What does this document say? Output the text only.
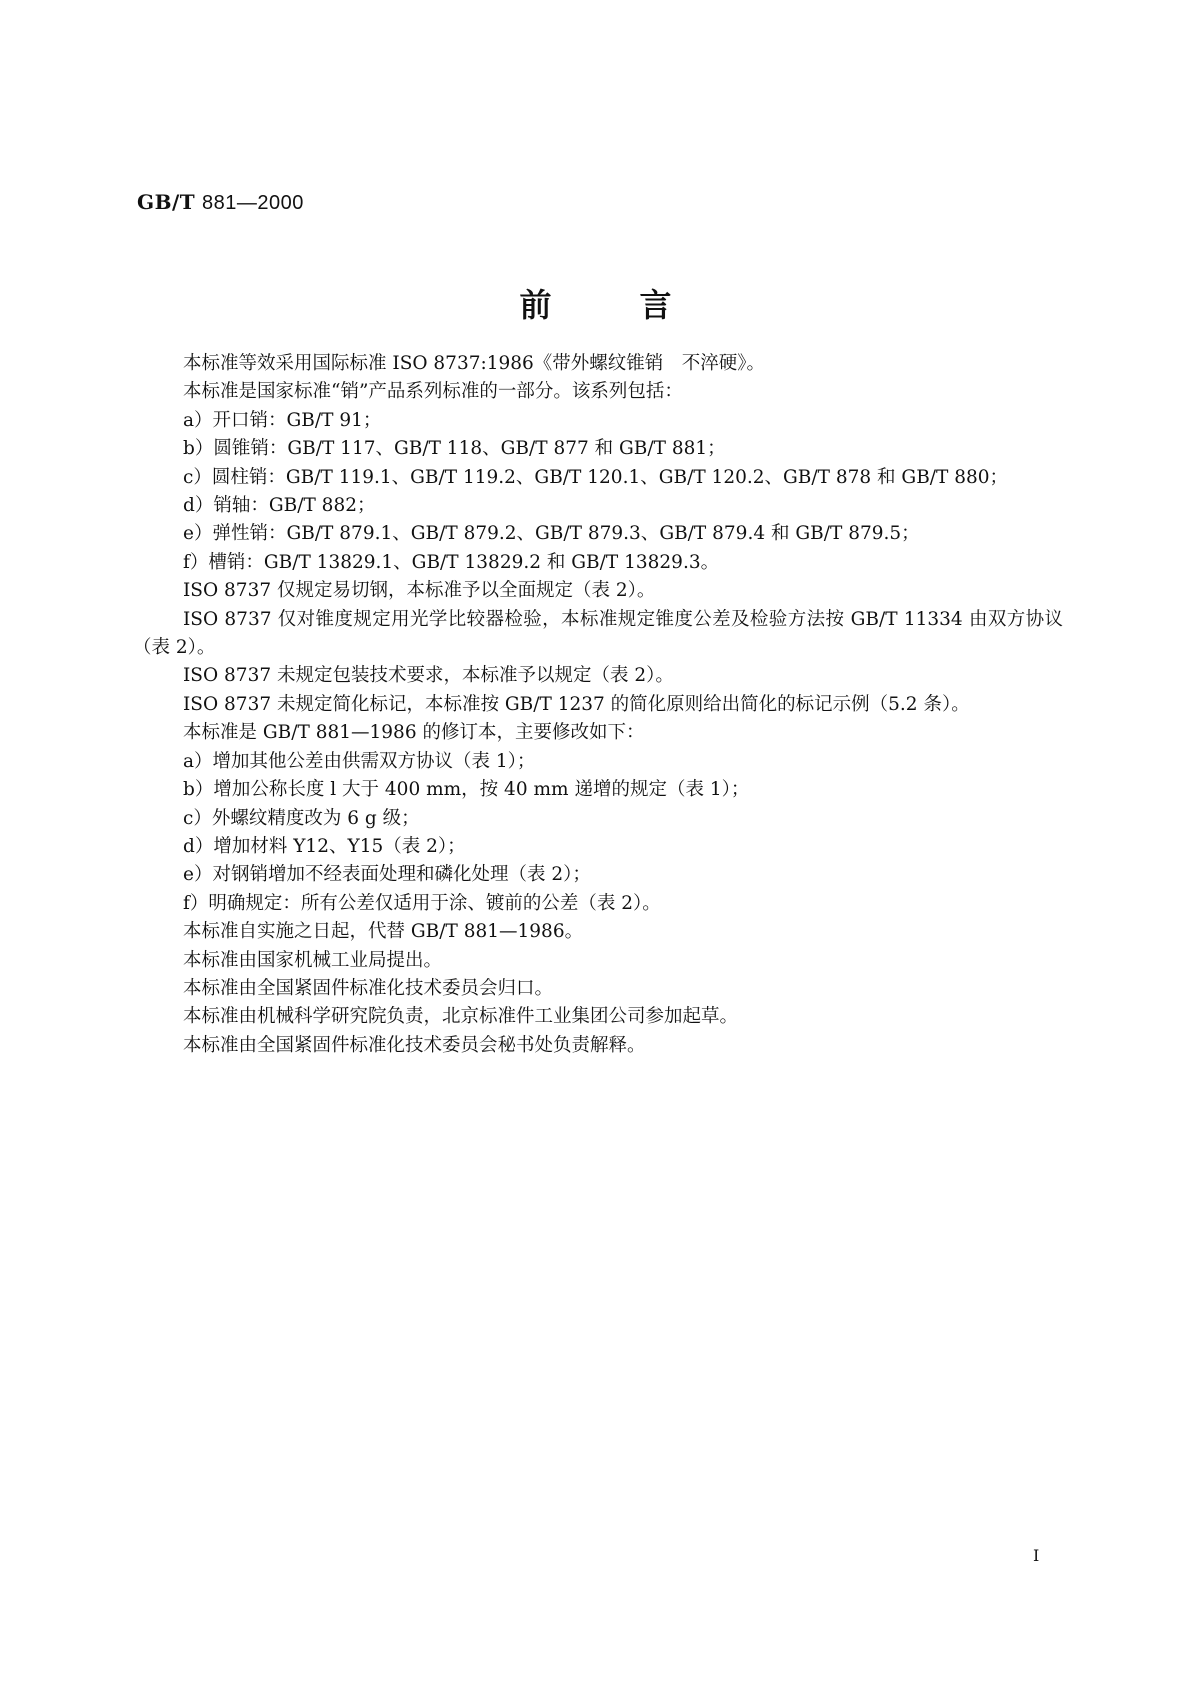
GB/T 881—2000
前言

本标准等效采用国际标准 ISO 8737:1986《带外螺纹锥销　不淬硬》。

本标准是国家标准“销”产品系列标准的一部分。该系列包括：

a）开口销：GB/T 91；

b）圆锥销：GB/T 117、GB/T 118、GB/T 877 和 GB/T 881；

c）圆柱销：GB/T 119.1、GB/T 119.2、GB/T 120.1、GB/T 120.2、GB/T 878 和 GB/T 880；

d）销轴：GB/T 882；

e）弹性销：GB/T 879.1、GB/T 879.2、GB/T 879.3、GB/T 879.4 和 GB/T 879.5；

f）槽销：GB/T 13829.1、GB/T 13829.2 和 GB/T 13829.3。

ISO 8737 仅规定易切钢，本标准予以全面规定（表 2）。

ISO 8737 仅对锥度规定用光学比较器检验，本标准规定锥度公差及检验方法按 GB/T 11334 由双方协议（表 2）。

ISO 8737 未规定包装技术要求，本标准予以规定（表 2）。

ISO 8737 未规定简化标记，本标准按 GB/T 1237 的简化原则给出简化的标记示例（5.2 条）。

本标准是 GB/T 881—1986 的修订本，主要修改如下：

a）增加其他公差由供需双方协议（表 1）；

b）增加公称长度 l 大于 400 mm，按 40 mm 递增的规定（表 1）；

c）外螺纹精度改为 6 g 级；

d）增加材料 Y12、Y15（表 2）；

e）对钢销增加不经表面处理和磷化处理（表 2）；

f）明确规定：所有公差仅适用于涂、镀前的公差（表 2）。

本标准自实施之日起，代替 GB/T 881—1986。

本标准由国家机械工业局提出。

本标准由全国紧固件标准化技术委员会归口。

本标准由机械科学研究院负责，北京标准件工业集团公司参加起草。

本标准由全国紧固件标准化技术委员会秘书处负责解释。

I
